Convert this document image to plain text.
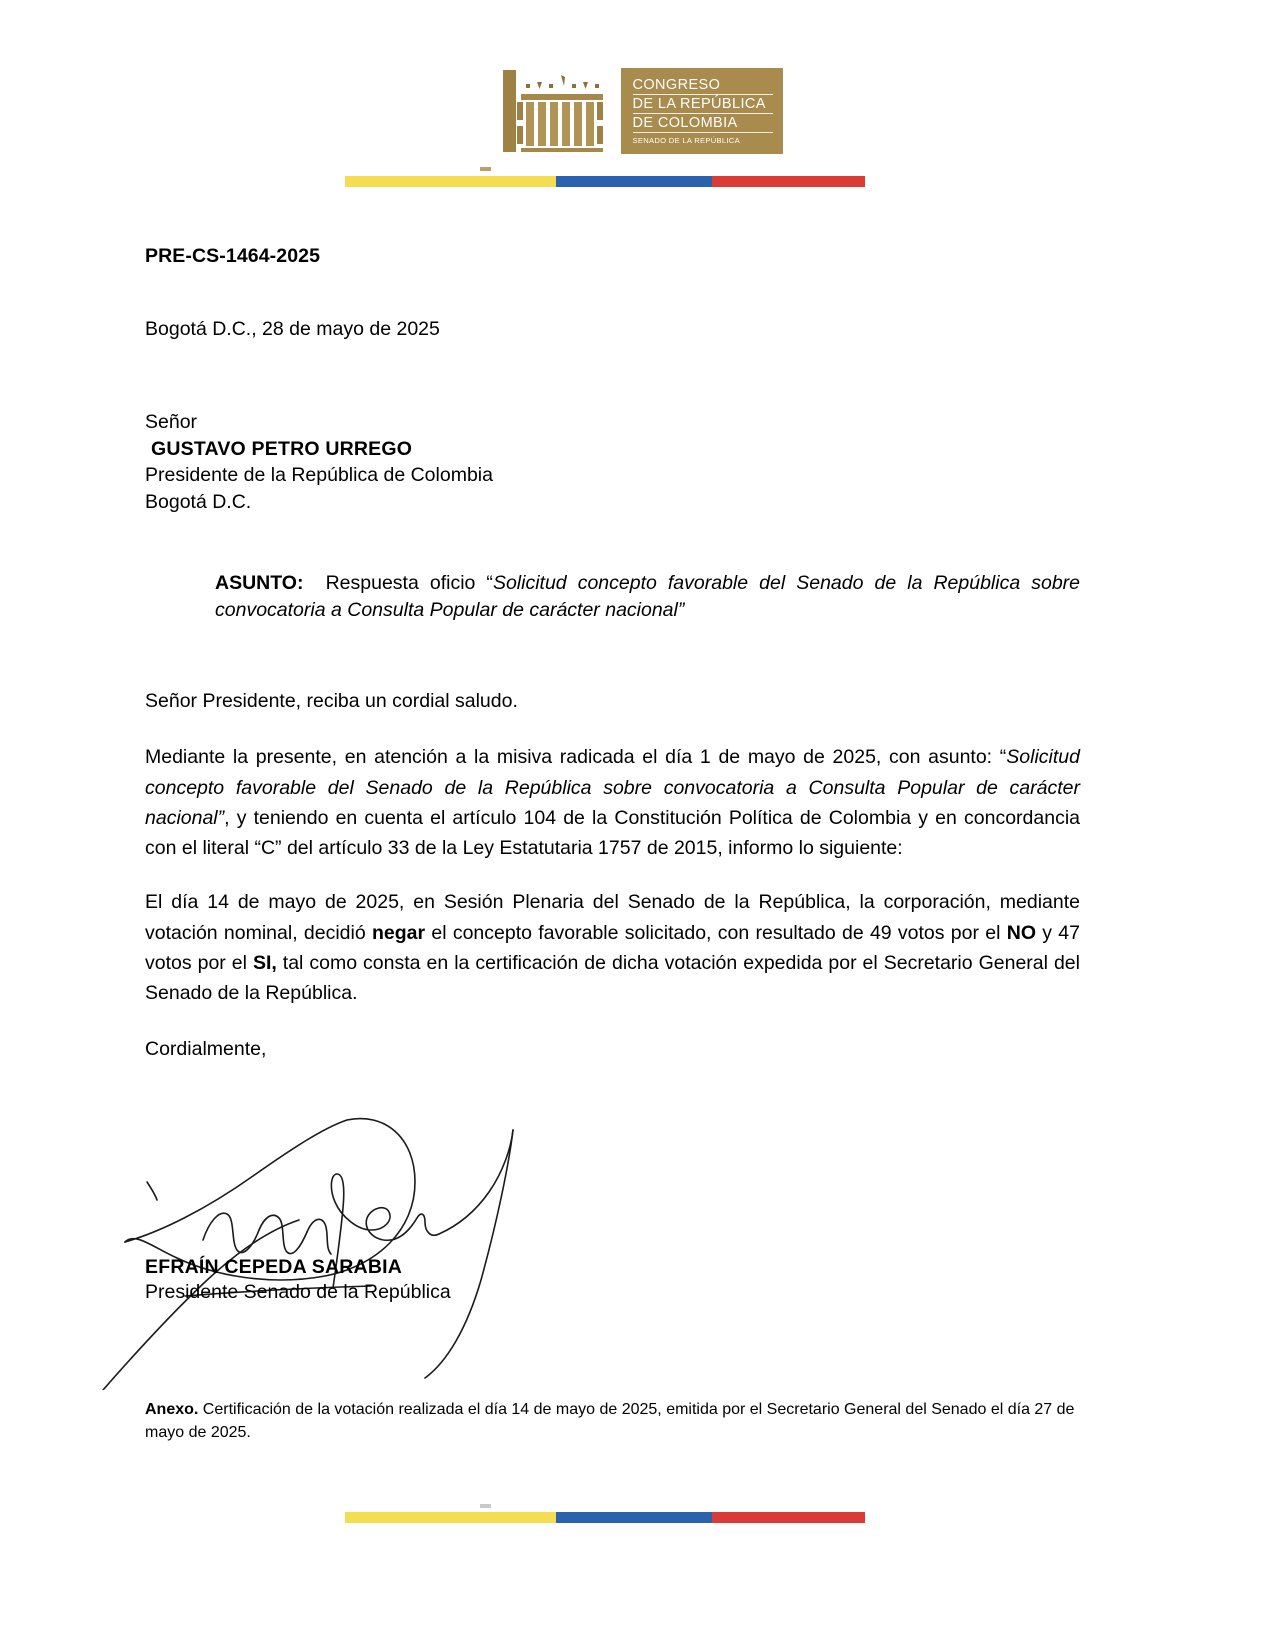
CONGRESO
DE LA REPÚBLICA
DE COLOMBIA
SENADO DE LA REPÚBLICA
PRE-CS-1464-2025
Bogotá D.C., 28 de mayo de 2025
Señor
GUSTAVO PETRO URREGO
Presidente de la República de Colombia
Bogotá D.C.
ASUNTO: Respuesta oficio “Solicitud concepto favorable del Senado de la República sobre convocatoria a Consulta Popular de carácter nacional”
Señor Presidente, reciba un cordial saludo.
Mediante la presente, en atención a la misiva radicada el día 1 de mayo de 2025, con asunto: “Solicitud concepto favorable del Senado de la República sobre convocatoria a Consulta Popular de carácter nacional”, y teniendo en cuenta el artículo 104 de la Constitución Política de Colombia y en concordancia con el literal “C” del artículo 33 de la Ley Estatutaria 1757 de 2015, informo lo siguiente:
El día 14 de mayo de 2025, en Sesión Plenaria del Senado de la República, la corporación, mediante votación nominal, decidió negar el concepto favorable solicitado, con resultado de 49 votos por el NO y 47 votos por el SI, tal como consta en la certificación de dicha votación expedida por el Secretario General del Senado de la República.
Cordialmente,
EFRAÍN CEPEDA SARABIA
Presidente Senado de la República
Anexo. Certificación de la votación realizada el día 14 de mayo de 2025, emitida por el Secretario General del Senado el día 27 de mayo de 2025.
